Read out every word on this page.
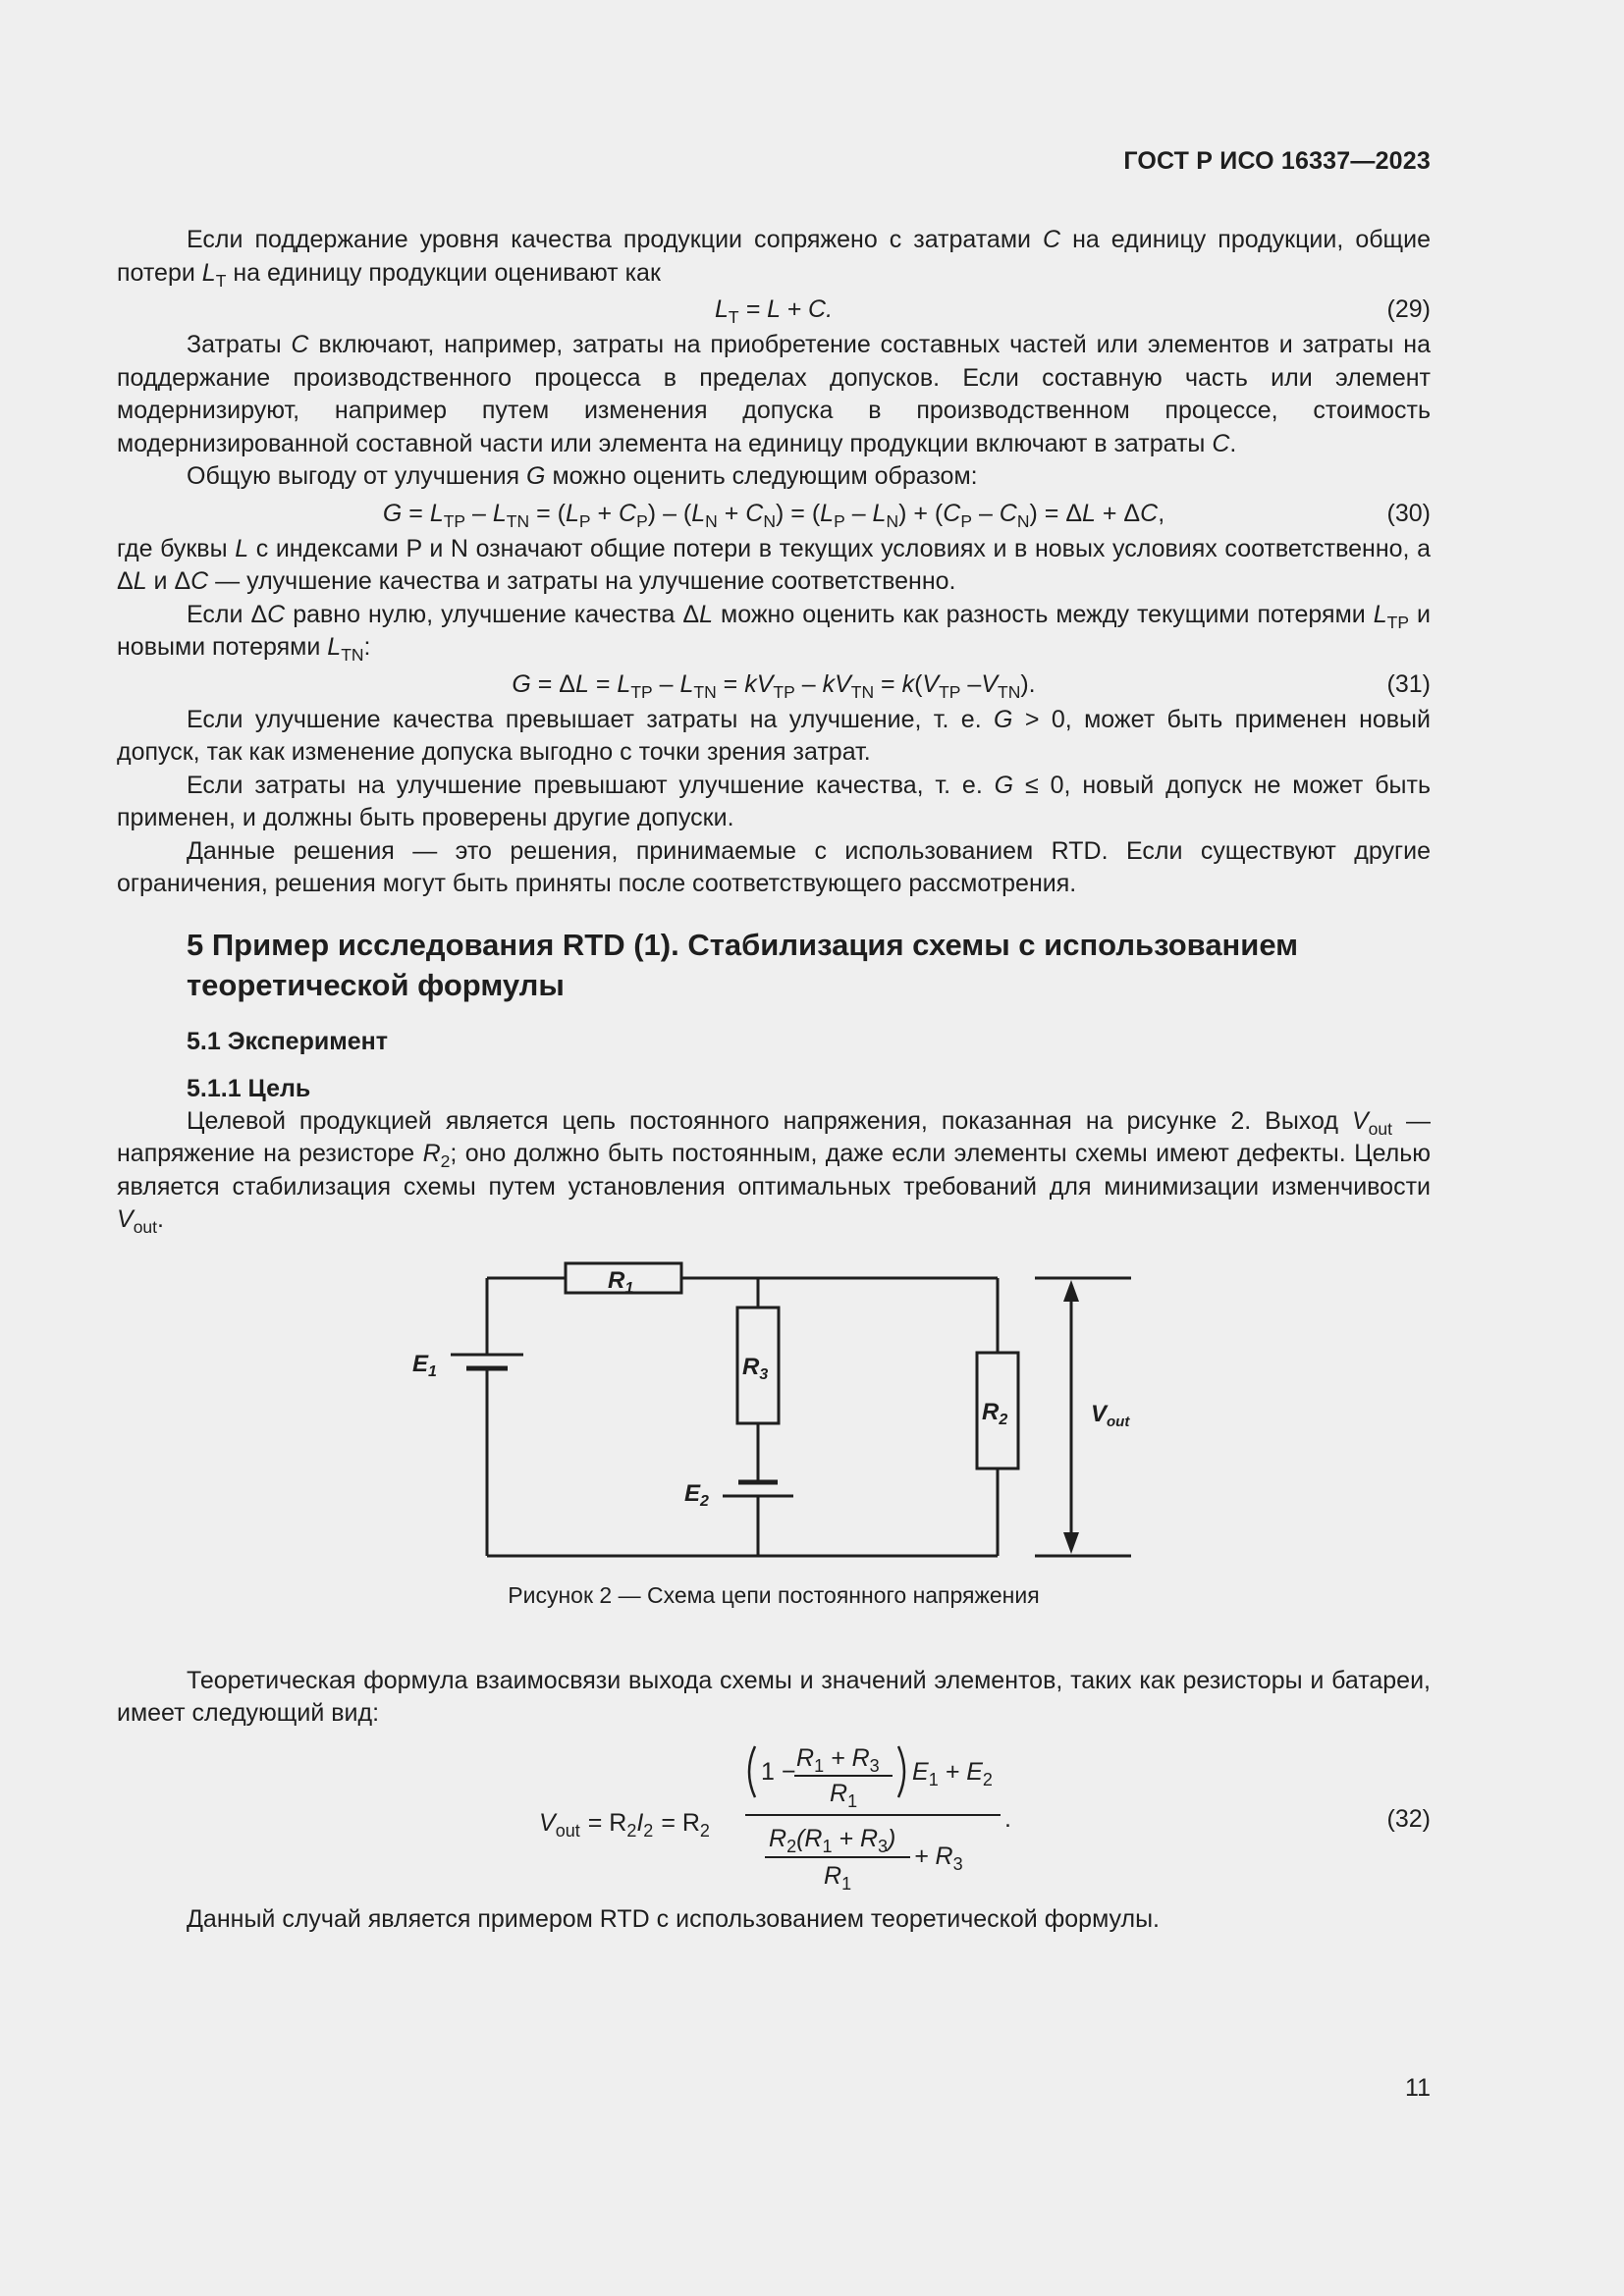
ГОСТ Р ИСО 16337—2023

Если поддержание уровня качества продукции сопряжено с затратами C на единицу продукции, общие потери $L_T$ на единицу продукции оценивают как

$L_T = L + C$.	(29)

Затраты C включают, например, затраты на приобретение составных частей или элементов и затраты на поддержание производственного процесса в пределах допусков. Если составную часть или элемент модернизируют, например путем изменения допуска в производственном процессе, стоимость модернизированной составной части или элемента на единицу продукции включают в затраты C.

Общую выгоду от улучшения G можно оценить следующим образом:

$G = L_{TP} - L_{TN} = (L_P + C_P) - (L_N + C_N) = (L_P - L_N) + (C_P - C_N) = \Delta L + \Delta C$,	(30)

где буквы L с индексами P и N означают общие потери в текущих условиях и в новых условиях соответственно, а ΔL и ΔC — улучшение качества и затраты на улучшение соответственно.

Если ΔC равно нулю, улучшение качества ΔL можно оценить как разность между текущими потерями $L_{TP}$ и новыми потерями $L_{TN}$:

$G = \Delta L = L_{TP} - L_{TN} = kV_{TP} - kV_{TN} = k(V_{TP}$ $-V_{TN}$).	(31)

Если улучшение качества превышает затраты на улучшение, т. е. G > 0, может быть применен новый допуск, так как изменение допуска выгодно с точки зрения затрат.

Если затраты на улучшение превышают улучшение качества, т. е. G ≤ 0, новый допуск не может быть применен, и должны быть проверены другие допуски.

Данные решения — это решения, принимаемые с использованием RTD. Если существуют другие ограничения, решения могут быть приняты после соответствующего рассмотрения.

5 Пример исследования RTD (1). Стабилизация схемы с использованием теоретической формулы
5.1 Эксперимент
5.1.1 Цель

Целевой продукцией является цепь постоянного напряжения, показанная на рисунке 2. Выход $V_{out}$ — напряжение на резисторе $R_2$; оно должно быть постоянным, даже если элементы схемы имеют дефекты. Целью является стабилизация схемы путем установления оптимальных требований для минимизации изменчивости $V_{out}$.

$R_1$
$R_3$
$R_2$
$E_1$
$E_2$
$V_{out}$
Рисунок 2 — Схема цепи постоянного напряжения

Теоретическая формула взаимосвязи выхода схемы и значений элементов, таких как резисторы и батареи, имеет следующий вид:

$V_{out} = R_2I_2 = R_2$
$1 - R_1 + R_3$
$R_1$
$E_1 + E_2$
.
$R_2(R_1 + R_3)$
$R_1$
+ $R_3$
(32)

Данный случай является примером RTD с использованием теоретической формулы.

11
